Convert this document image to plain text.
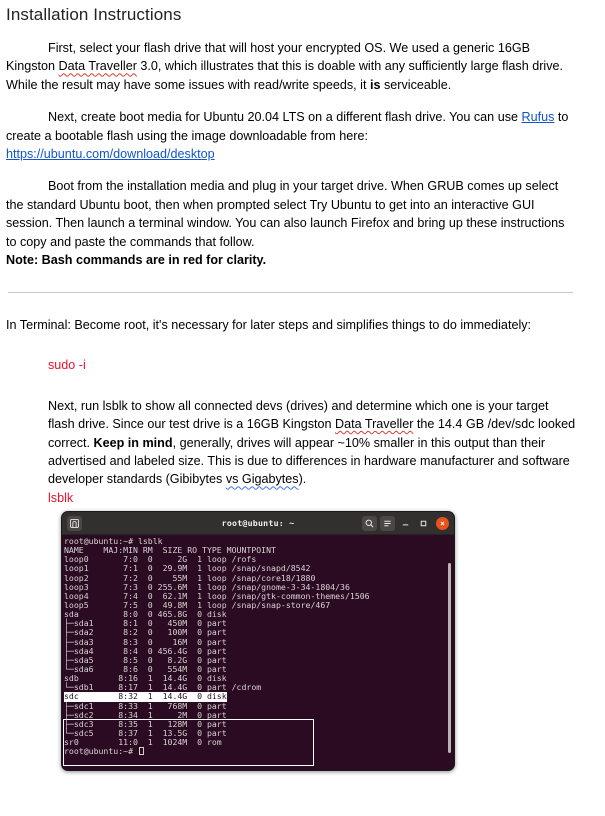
Installation Instructions

First, select your flash drive that will host your encrypted OS. We used a generic 16GB Kingston Data Traveller 3.0, which illustrates that this is doable with any sufficiently large flash drive. While the result may have some issues with read/write speeds, it is serviceable.

Next, create boot media for Ubuntu 20.04 LTS on a different flash drive. You can use Rufus to create a bootable flash using the image downloadable from here: https://ubuntu.com/download/desktop

Boot from the installation media and plug in your target drive. When GRUB comes up select the standard Ubuntu boot, then when prompted select Try Ubuntu to get into an interactive GUI session. Then launch a terminal window. You can also launch Firefox and bring up these instructions to copy and paste the commands that follow.

Note: Bash commands are in red for clarity.

In Terminal: Become root, it's necessary for later steps and simplifies things to do immediately:

sudo -i

Next, run lsblk to show all connected devs (drives) and determine which one is your target flash drive. Since our test drive is a 16GB Kingston Data Traveller the 14.4 GB /dev/sdc looked correct. Keep in mind, generally, drives will appear ~10% smaller in this output than their advertised and labeled size. This is due to differences in hardware manufacturer and software developer standards (Gibibytes vs Gigabytes).

lsblk

root@ubuntu: ~
root@ubuntu:~# lsblk
NAME    MAJ:MIN RM  SIZE RO TYPE MOUNTPOINT
loop0       7:0  0     2G  1 loop /rofs
loop1       7:1  0  29.9M  1 loop /snap/snapd/8542
loop2       7:2  0    55M  1 loop /snap/core18/1880
loop3       7:3  0 255.6M  1 loop /snap/gnome-3-34-1804/36
loop4       7:4  0  62.1M  1 loop /snap/gtk-common-themes/1506
loop5       7:5  0  49.8M  1 loop /snap/snap-store/467
sda         8:0  0 465.8G  0 disk
├─sda1      8:1  0   450M  0 part
├─sda2      8:2  0   100M  0 part
├─sda3      8:3  0    16M  0 part
├─sda4      8:4  0 456.4G  0 part
├─sda5      8:5  0   8.2G  0 part
└─sda6      8:6  0   554M  0 part
sdb        8:16  1  14.4G  0 disk
└─sdb1     8:17  1  14.4G  0 part /cdrom
sdc        8:32  1  14.4G  0 disk
├─sdc1     8:33  1   768M  0 part
├─sdc2     8:34  1     2M  0 part
├─sdc3     8:35  1   128M  0 part
└─sdc5     8:37  1  13.5G  0 part
sr0        11:0  1  1024M  0 rom
root@ubuntu:~#
